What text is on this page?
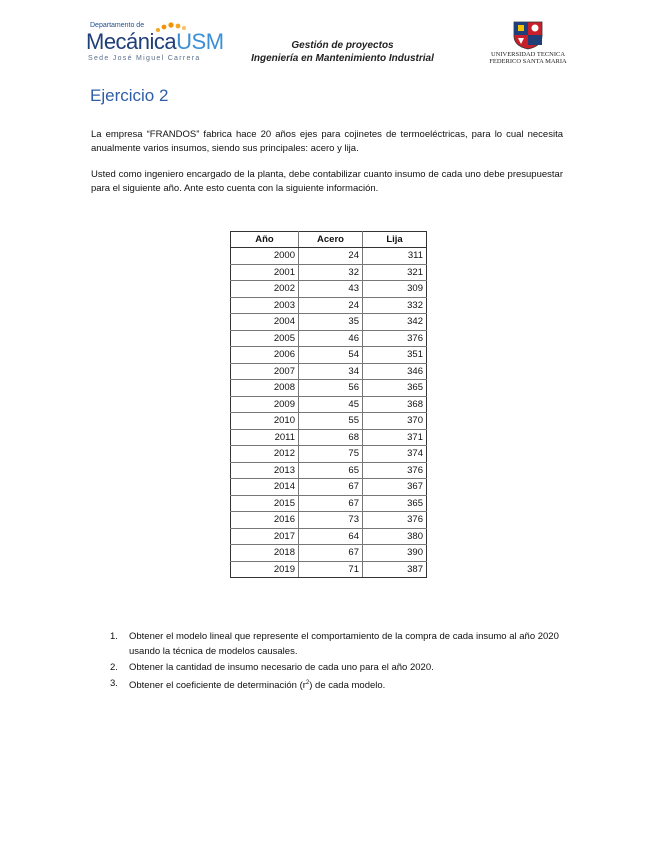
Departamento de
MecánicaUSM
Sede José Miguel Carrera
Gestión de proyectos
Ingeniería en Mantenimiento Industrial	UNIVERSIDAD TECNICA
FEDERICO SANTA MARIA
Ejercicio 2

La empresa “FRANDOS” fabrica hace 20 años ejes para cojinetes de termoeléctricas, para lo cual necesita anualmente varios insumos, siendo sus principales: acero y lija.

Usted como ingeniero encargado de la planta, debe contabilizar cuanto insumo de cada uno debe presupuestar para el siguiente año. Ante esto cuenta con la siguiente información.

Año	Acero	Lija
2000	24	311
2001	32	321
2002	43	309
2003	24	332
2004	35	342
2005	46	376
2006	54	351
2007	34	346
2008	56	365
2009	45	368
2010	55	370
2011	68	371
2012	75	374
2013	65	376
2014	67	367
2015	67	365
2016	73	376
2017	64	380
2018	67	390
2019	71	387
1. Obtener el modelo lineal que represente el comportamiento de la compra de cada insumo al año 2020 usando la técnica de modelos causales.
2. Obtener la cantidad de insumo necesario de cada uno para el año 2020.
3. Obtener el coeficiente de determinación $(r^2)$ de cada modelo.
